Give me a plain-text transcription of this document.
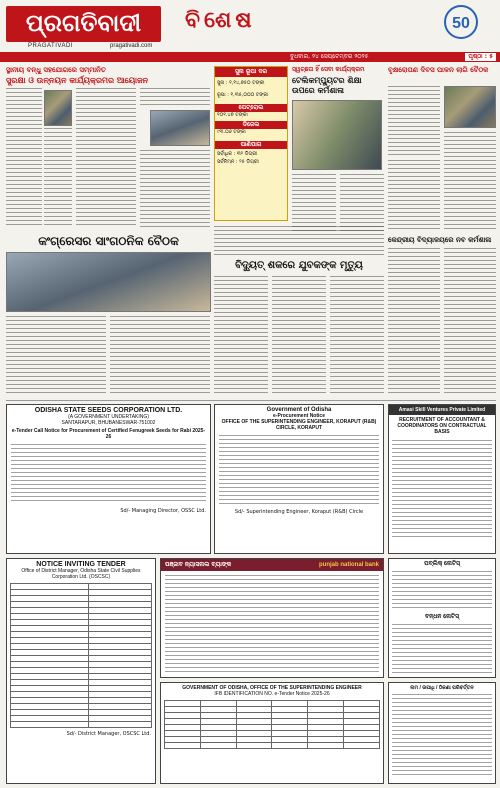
ପ୍ରଗତିବାଦୀ
PRAGATIVADI	pragativadi.com
ବିଶେଷ	50
ବୁଧବାର, ୨୪ ସେପ୍ଟେମ୍ବର ୨୦୨୫	ପୃଷ୍ଠା : ୫
ସ୍ଥାନୀୟ ବନ୍ଧୁ ସହଯୋଗରେ ସମ୍ମାନିତ
ସୁରକ୍ଷା ଓ ଉନ୍ନୟନ କାର୍ଯ୍ୟକ୍ରମର ଆୟୋଜନ
ସୁନା ରୂପା ଦର
ସୁନା : ୧,୧୪,୭୫୦ ଟଙ୍କା
ରୂପା : ୧,୩୫,୦୦୦ ଟଙ୍କା
ପେଟ୍ରୋଲ
୧୦୧.୪୭ ଟଙ୍କା
ଡିଜେଲ
୯୩.୦୬ ଟଙ୍କା
ପାଣିପାଗ
ସର୍ବାଧିକ : ୩୨ ଡିଗ୍ରୀ
ସର୍ବନିମ୍ନ : ୨୫ ଡିଗ୍ରୀ
ସ୍ୱଚ୍ଛତା ହିଁ ସେବା କାର୍ଯ୍ୟକ୍ରମ
ଟେଲିକମ୍ପ୍ୟୁଟର ଶିକ୍ଷା ଉପରେ କର୍ମଶାଳା
ବୃକ୍ଷରୋପଣ ଦିବସ ପାଳନ ଲାଗି ବୈଠକ
କଂଗ୍ରେସର ସାଂଗଠନିକ ବୈଠକ
ବିଦ୍ୟୁତ୍ ଶକରେ ଯୁବକଙ୍କ ମୃତ୍ୟୁ
କେନ୍ଦ୍ରୀୟ ବିଦ୍ୟାଳୟରେ ନବ କର୍ମଶାଳା
ODISHA STATE SEEDS CORPORATION LTD.
(A GOVERNMENT UNDERTAKING)
SANTARAPUR, BHUBANESWAR-751002
e-Tender Call Notice for Procurement of Certified Fenugreek Seeds for Rabi 2025-26
Sd/- Managing Director, OSSC Ltd.
Government of Odisha
e-Procurement Notice
OFFICE OF THE SUPERINTENDING ENGINEER, KORAPUT (R&B) CIRCLE, KORAPUT
Sd/- Superintending Engineer, Koraput (R&B) Circle
Amasi Skill Ventures Private Limited
RECRUITMENT OF ACCOUNTANT & COORDINATORS ON CONTRACTUAL BASIS
NOTICE INVITING TENDER
Office of District Manager, Odisha State Civil Supplies Corporation Ltd. (OSCSC)

Sd/- District Manager, OSCSC Ltd.
ପଞ୍ଜାବ ନ୍ୟାସନାଲ ବ୍ୟାଙ୍କ	punjab national bank
GOVERNMENT OF ODISHA, OFFICE OF THE SUPERINTENDING ENGINEER
IFB IDENTIFICATION NO. e-Tender Notice 2025-26

ପବ୍ଲିକ୍ ନୋଟିସ୍
ବନ୍ଧନ ନୋଟିସ୍
ନାମ / ଉପାଧି / ଠିକଣା ପରିବର୍ତ୍ତନ
